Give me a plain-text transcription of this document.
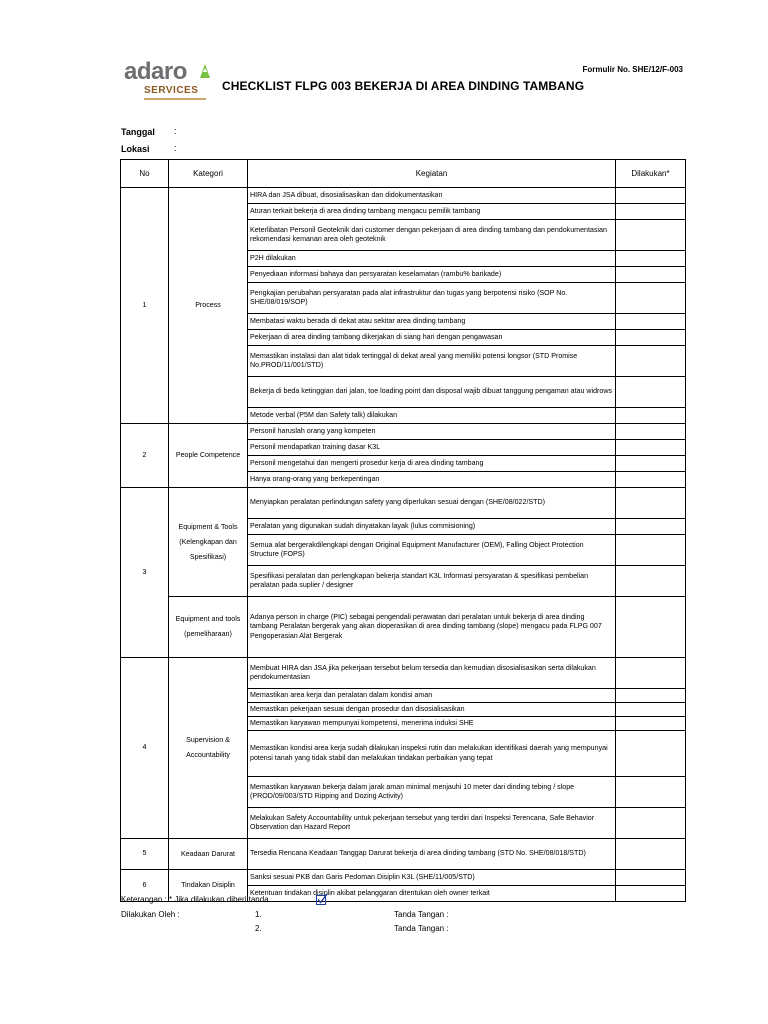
adaro
SERVICES
Formulir No. SHE/12/F-003
CHECKLIST FLPG 003 BEKERJA DI AREA DINDING TAMBANG
Tanggal :
Lokasi	:
No	Kategori	Kegiatan	Dilakukan*
1	Process	HIRA dan JSA dibuat, disosialisasikan dan didokumentasikan	
		Aturan terkait bekerja di area dinding tambang mengacu pemilik tambang	
		Keterlibatan Personil Geoteknik dari customer dengan pekerjaan di area dinding tambang dan pendokumentasian rekomendasi kemanan area oleh geoteknik	
		P2H dilakukan	
		Penyediaan informasi bahaya dan persyaratan keselamatan (rambu% barikade)	
		Pengkajian perubahan persyaratan pada alat infrastruktur dan tugas yang berpotensi risiko (SOP No. SHE/08/019/SOP)	
		Membatasi waktu berada di dekat atau sekitar area dinding tambang	
		Pekerjaan di area dinding tambang dikerjakan di siang hari dengan pengawasan	
		Memastikan instalasi dan alat tidak tertinggal di dekat areal yang memiliki potensi longsor (STD Promise No.PROD/11/001/STD)	
		Bekerja di beda ketinggian dari jalan, toe loading point dan disposal wajib dibuat tanggung pengaman atau widrows	
		Metode verbal (P5M dan Safety talk) dilakukan	
2	People Competence	Personil haruslah orang yang kompeten	
		Personil mendapatkan training dasar K3L	
		Personil mengetahui dan mengerti prosedur kerja di area dinding tambang	
		Hanya orang-orang yang berkepentingan	
3	Equipment & Tools (Kelengkapan dan Spesifikasi)	Menyiapkan peralatan perlindungan safety yang diperlukan sesuai dengan (SHE/08/022/STD)	
		Peralatan yang digunakan sudah dinyatakan layak (lulus commisioning)	
		Semua alat bergerakdilengkapi dengan Original Equipment Manufacturer (OEM), Falling Object Protection Structure (FOPS)	
		Spesifikasi peralatan dan perlengkapan bekerja standart K3L Informasi persyaratan & spesifikasi pembelian peralatan pada suplier / designer	
	Equipment and tools (pemeliharaan)	Adanya person in charge (PIC) sebagai pengendali perawatan dari peralatan untuk bekerja di area dinding tambang Peralatan bergerak yang akan dioperasikan di area dinding tambang (slope) mengacu pada FLPG 007 Pengoperasian Alat Bergerak	
4	Supervision & Accountability	Membuat HIRA dan JSA jika pekerjaan tersebut belum tersedia dan kemudian disosialisasikan serta dilakukan pendokumentasian	
		Memastikan area kerja dan peralatan dalam kondisi aman	
		Memastikan pekerjaan sesuai dengan prosedur dan disosialisasikan	
		Memastikan karyawan mempunyai kompetensi, menerima induksi SHE	
		Memastikan kondisi area kerja sudah dilakukan inspeksi rutin dan melakukan identifikasi daerah yang mempunyai potensi tanah yang tidak stabil dan melakukan tindakan perbaikan yang tepat	
		Memastikan karyawan bekerja dalam jarak aman minimal menjauhi 10 meter dari dinding tebing / slope (PROD/09/003/STD Ripping and Dozing Activity)	
		Melakukan Safety Accountability untuk pekerjaan tersebut yang terdiri dari Inspeksi Terencana, Safe Behavior Observation dan Hazard Report	
5	Keadaan Darurat	Tersedia Rencana Keadaan Tanggap Darurat bekerja di area dinding tambang (STD No. SHE/08/018/STD)	
6	Tindakan Disiplin	Sanksi sesuai PKB dan Garis Pedoman Disiplin K3L (SHE/11/005/STD)	
		Ketentuan tindakan disiplin akibat pelanggaran ditentukan oleh owner terkait	
Keterangan : * Jika dilakukan diberi tanda
Dilakukan Oleh :	1.	Tanda Tangan :
2.	Tanda Tangan :
